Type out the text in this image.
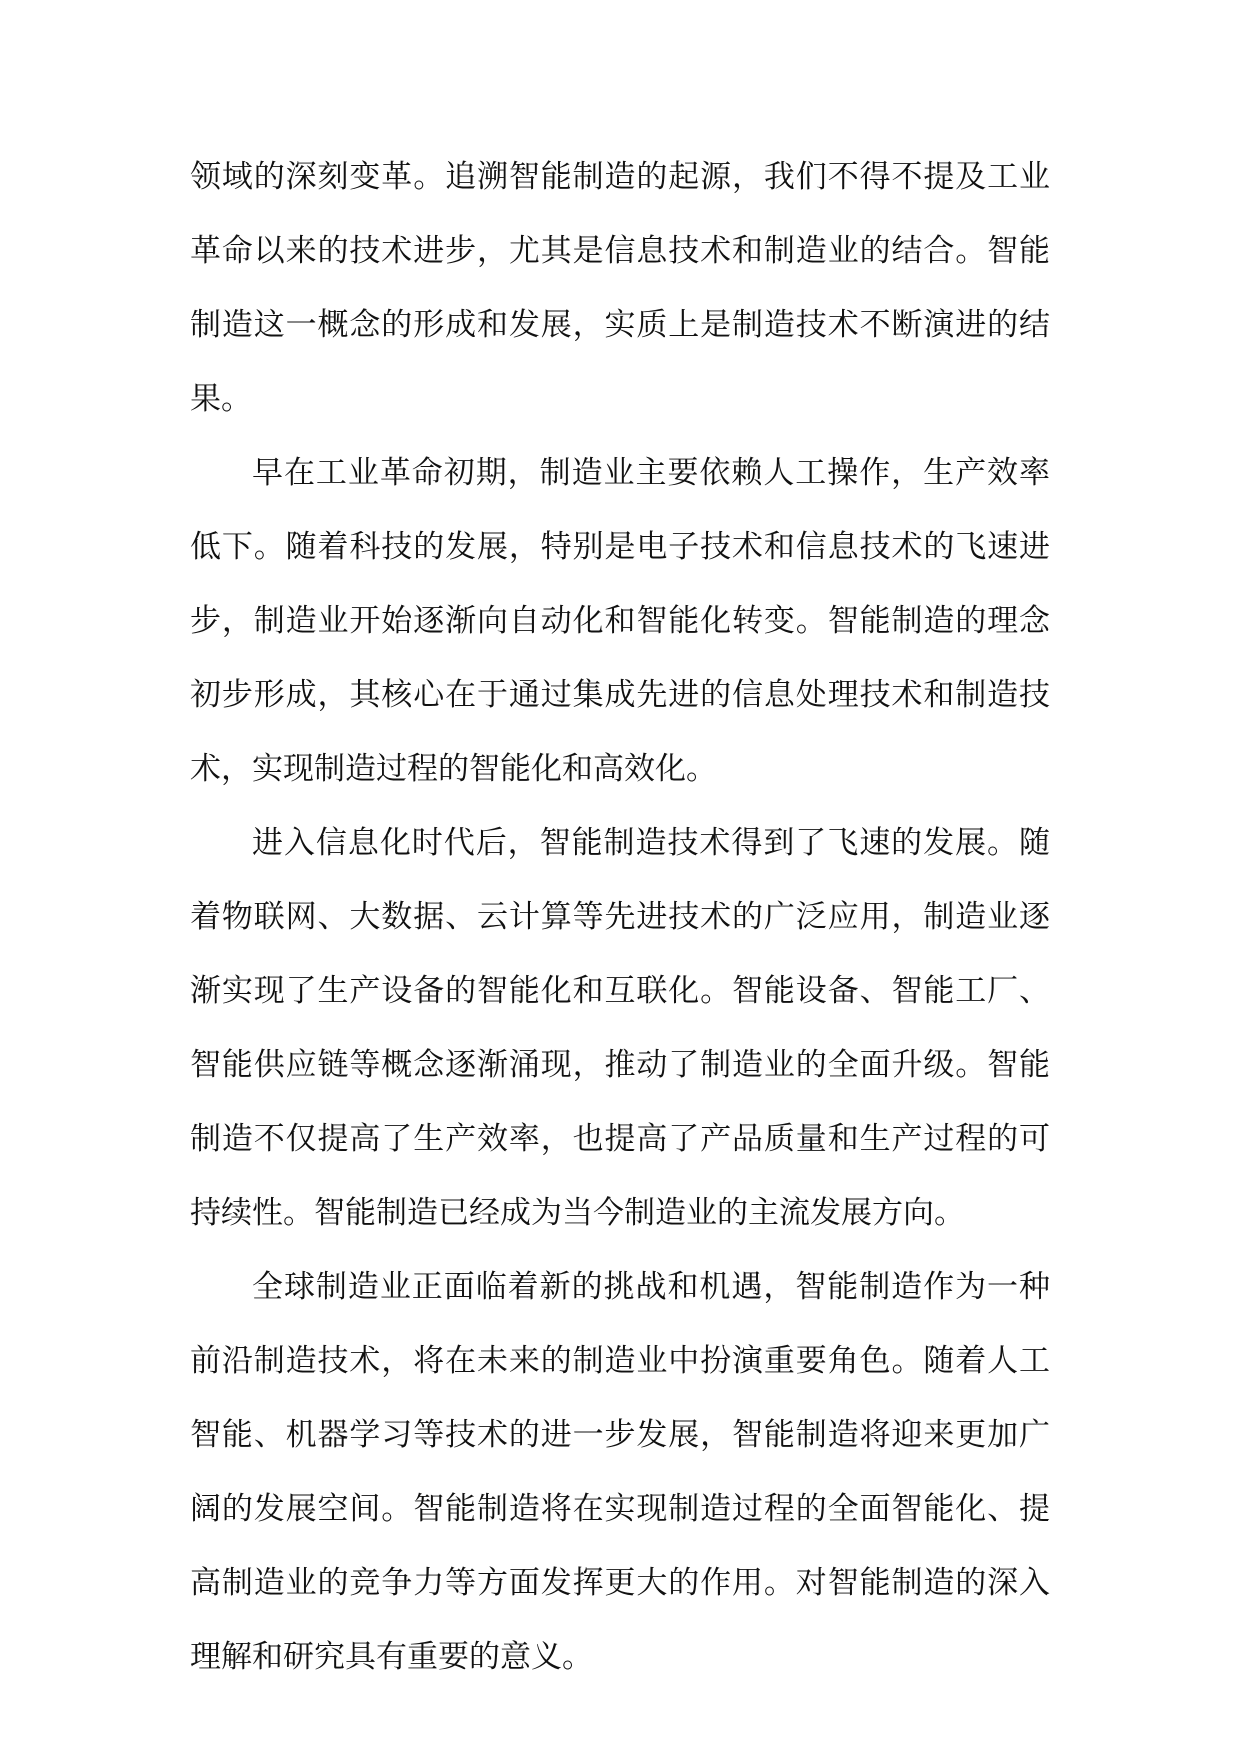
领域的深刻变革。追溯智能制造的起源，我们不得不提及工业革命以来的技术进步，尤其是信息技术和制造业的结合。智能制造这一概念的形成和发展，实质上是制造技术不断演进的结果。

早在工业革命初期，制造业主要依赖人工操作，生产效率低下。随着科技的发展，特别是电子技术和信息技术的飞速进步，制造业开始逐渐向自动化和智能化转变。智能制造的理念初步形成，其核心在于通过集成先进的信息处理技术和制造技术，实现制造过程的智能化和高效化。

进入信息化时代后，智能制造技术得到了飞速的发展。随着物联网、大数据、云计算等先进技术的广泛应用，制造业逐渐实现了生产设备的智能化和互联化。智能设备、智能工厂、智能供应链等概念逐渐涌现，推动了制造业的全面升级。智能制造不仅提高了生产效率，也提高了产品质量和生产过程的可持续性。智能制造已经成为当今制造业的主流发展方向。

全球制造业正面临着新的挑战和机遇，智能制造作为一种前沿制造技术，将在未来的制造业中扮演重要角色。随着人工智能、机器学习等技术的进一步发展，智能制造将迎来更加广阔的发展空间。智能制造将在实现制造过程的全面智能化、提高制造业的竞争力等方面发挥更大的作用。对智能制造的深入理解和研究具有重要的意义。
